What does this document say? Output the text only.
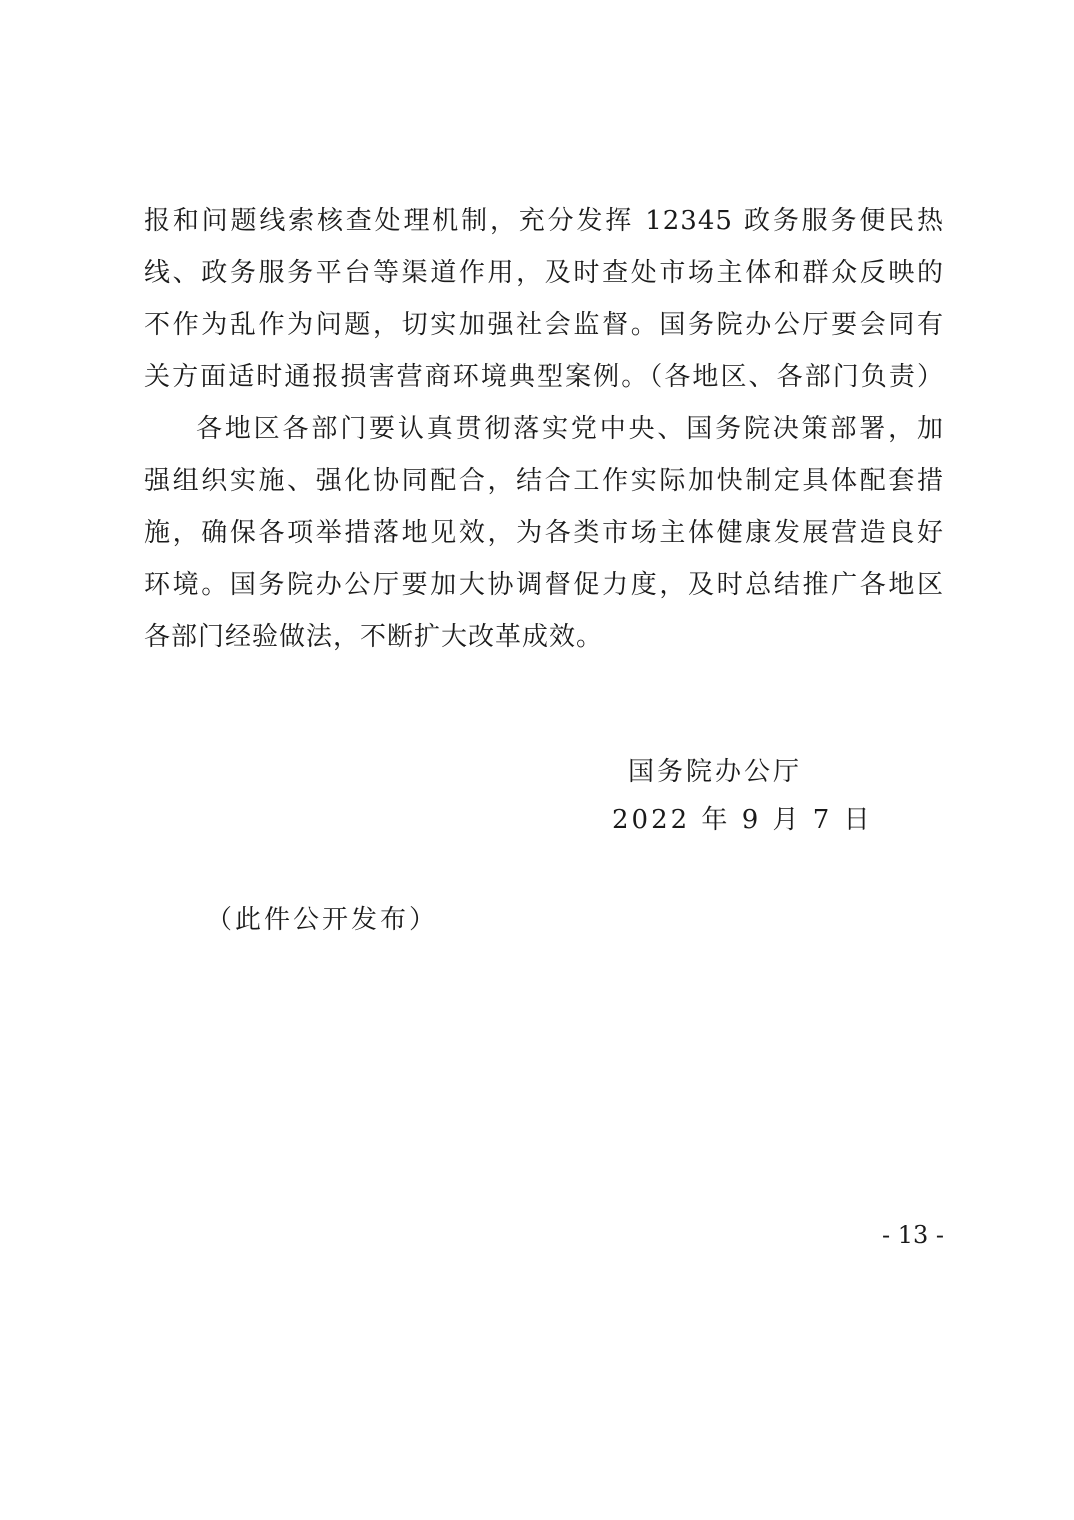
报和问题线索核查处理机制，充分发挥 12345 政务服务便民热
线、政务服务平台等渠道作用，及时查处市场主体和群众反映的
不作为乱作为问题，切实加强社会监督。国务院办公厅要会同有
关方面适时通报损害营商环境典型案例。（各地区、各部门负责）
各地区各部门要认真贯彻落实党中央、国务院决策部署，加
强组织实施、强化协同配合，结合工作实际加快制定具体配套措
施，确保各项举措落地见效，为各类市场主体健康发展营造良好
环境。国务院办公厅要加大协调督促力度，及时总结推广各地区
各部门经验做法，不断扩大改革成效。
国务院办公厅
2022 年 9 月 7 日
（此件公开发布）
- 13 -
